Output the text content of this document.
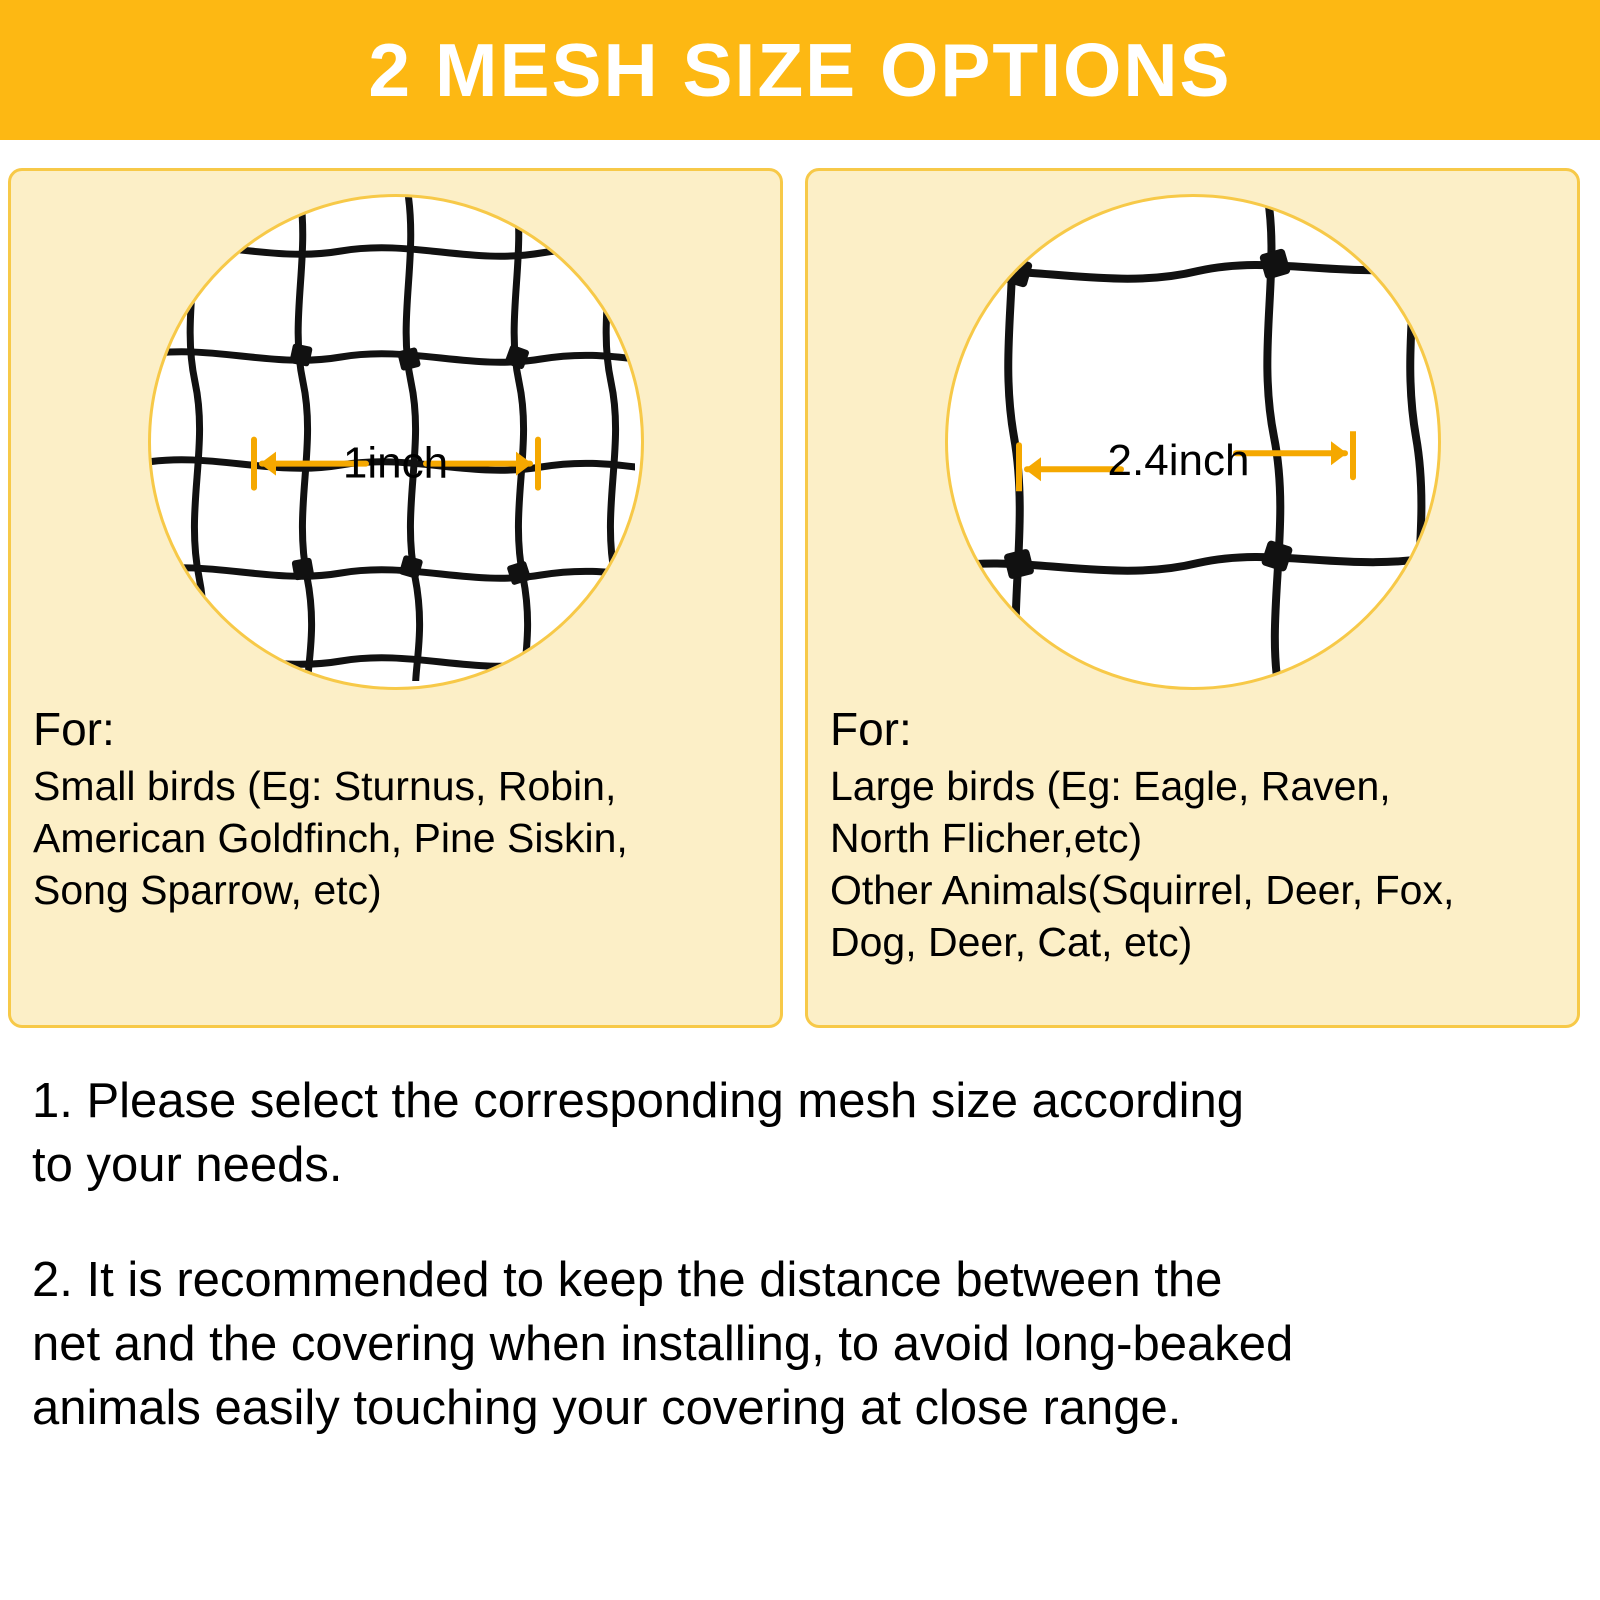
2 MESH SIZE OPTIONS
1inch
For:
Small birds (Eg: Sturnus, Robin,
American Goldfinch, Pine Siskin,
Song Sparrow, etc)
2.4inch
For:
Large birds (Eg: Eagle, Raven,
North Flicher,etc)
Other Animals(Squirrel, Deer, Fox,
Dog, Deer, Cat, etc)
1. Please select the corresponding mesh size according
to your needs.
2. It is recommended to keep the distance between the
net and the covering when installing, to avoid long-beaked
animals easily touching your covering at close range.
